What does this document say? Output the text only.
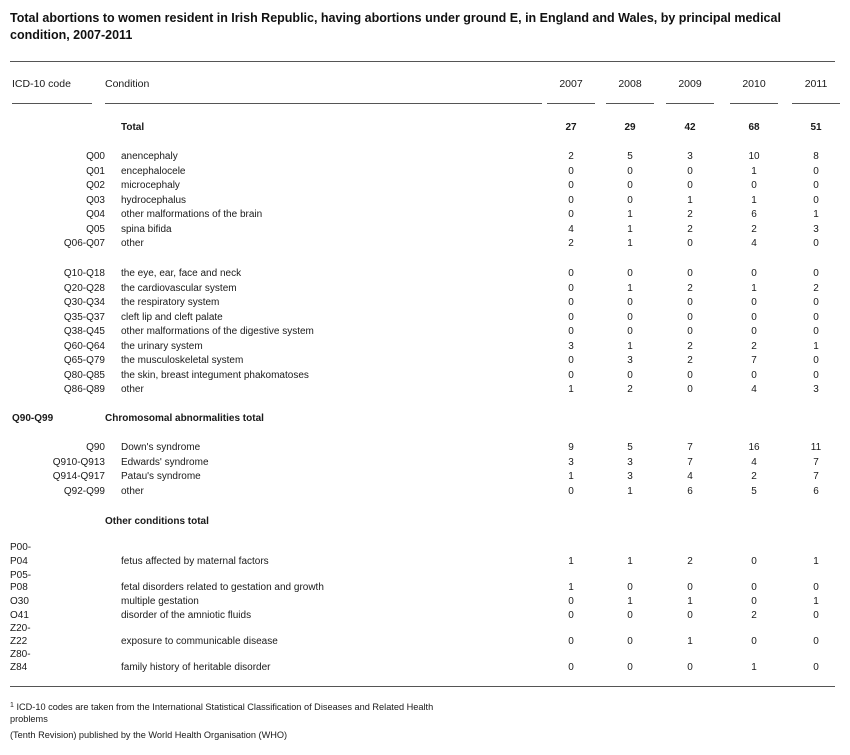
Total abortions to women resident in Irish Republic, having abortions under ground E, in England and Wales, by principal medical condition, 2007-2011
ICD-10 code	Condition	2007	2008	2009	2010	2011
Total	27	29	42	68	51
Q00 anencephaly	2	5	3	10	8
Q01 encephalocele	0	0	0	1	0
Q02 microcephaly	0	0	0	0	0
Q03 hydrocephalus	0	0	1	1	0
Q04 other malformations of the brain	0	1	2	6	1
Q05 spina bifida	4	1	2	2	3
Q06-Q07 other	2	1	0	4	0
Q10-Q18 the eye, ear, face and neck	0	0	0	0	0
Q20-Q28 the cardiovascular system	0	1	2	1	2
Q30-Q34 the respiratory system	0	0	0	0	0
Q35-Q37 cleft lip and cleft palate	0	0	0	0	0
Q38-Q45 other malformations of the digestive system	0	0	0	0	0
Q60-Q64 the urinary system	3	1	2	2	1
Q65-Q79 the musculoskeletal system	0	3	2	7	0
Q80-Q85 the skin, breast integument phakomatoses	0	0	0	0	0
Q86-Q89 other	1	2	0	4	3
Q90-Q99	Chromosomal abnormalities total
Q90 Down's syndrome	9	5	7	16	11
Q910-Q913 Edwards' syndrome	3	3	7	4	7
Q914-Q917 Patau's syndrome	1	3	4	2	7
Q92-Q99 other	0	1	6	5	6
Other conditions total
P00-
P04	fetus affected by maternal factors	1	1	2	0	1
P05-
P08	fetal disorders related to gestation and growth	1	0	0	0	0
O30	multiple gestation	0	1	1	0	1
O41	disorder of the amniotic fluids	0	0	0	2	0
Z20-
Z22	exposure to communicable disease	0	0	1	0	0
Z80-
Z84	family history of heritable disorder	0	0	0	1	0
$^1$ ICD-10 codes are taken from the International Statistical Classification of Diseases and Related Health
problems
(Tenth Revision) published by the World Health Organisation (WHO)
